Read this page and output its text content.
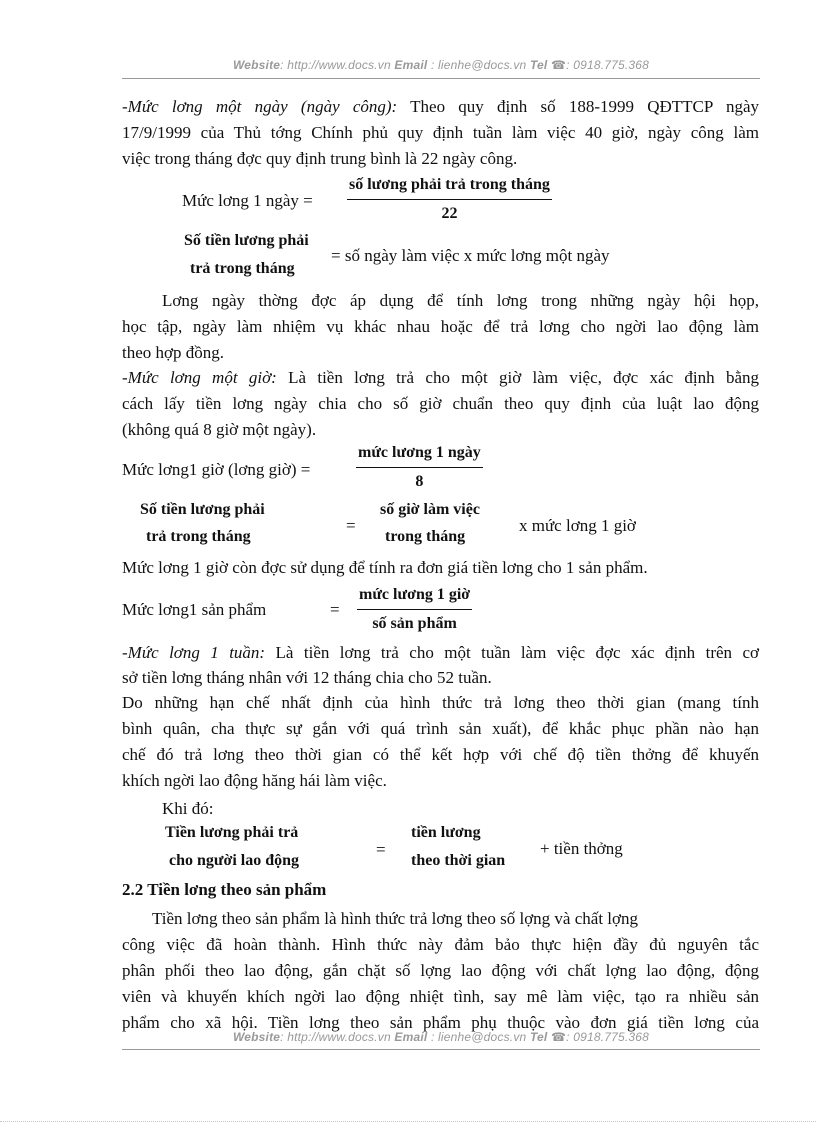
Website: http://www.docs.vn Email : lienhe@docs.vn Tel ☎: 0918.775.368
-Mức lơng một ngày (ngày công): Theo quy định số 188-1999 QĐTTCP ngày
17/9/1999 của Thủ tớng Chính phủ quy định tuần làm việc 40 giờ, ngày công làm
việc trong tháng đợc quy định trung bình là 22 ngày công.
Mức lơng 1 ngày =
số lương phải trả trong tháng
22
Số tiền lương phải
trả trong tháng
= số ngày làm việc x mức lơng một ngày
Lơng ngày thờng đợc áp dụng để tính lơng trong những ngày hội họp,
học tập, ngày làm nhiệm vụ khác nhau hoặc để trả lơng cho ngời lao động làm
theo hợp đồng.
-Mức lơng một giờ: Là tiền lơng trả cho một giờ làm việc, đợc xác định bằng
cách lấy tiền lơng ngày chia cho số giờ chuẩn theo quy định của luật lao động
(không quá 8 giờ một ngày).
Mức lơng1 giờ (lơng giờ) =
mức lương 1 ngày
8
Số tiền lương phải
trả trong tháng
=
số giờ làm việc
trong tháng
x mức lơng 1 giờ
Mức lơng 1 giờ còn đợc sử dụng để tính ra đơn giá tiền lơng cho 1 sản phẩm.
Mức lơng1 sản phẩm	=
mức lương 1 giờ
số sản phẩm
-Mức lơng 1 tuần: Là tiền lơng trả cho một tuần làm việc đợc xác định trên cơ
sở tiền lơng tháng nhân với 12 tháng chia cho 52 tuần.
Do những hạn chế nhất định của hình thức trả lơng theo thời gian (mang tính
bình quân, cha thực sự gắn với quá trình sản xuất), để khắc phục phần nào hạn
chế đó trả lơng theo thời gian có thể kết hợp với chế độ tiền thởng để khuyến
khích ngời lao động hăng hái làm việc.
Khi đó:
Tiền lương phải trả
cho người lao động
=
tiền lương
theo thời gian
+ tiền thởng
2.2 Tiền lơng theo sản phẩm
Tiền lơng theo sản phẩm là hình thức trả lơng theo số lợng và chất lợng
công việc đã hoàn thành. Hình thức này đảm bảo thực hiện đầy đủ nguyên tắc
phân phối theo lao động, gắn chặt số lợng lao động với chất lợng lao động, động
viên và khuyến khích ngời lao động nhiệt tình, say mê làm việc, tạo ra nhiều sản
phẩm cho xã hội. Tiền lơng theo sản phẩm phụ thuộc vào đơn giá tiền lơng của
Website: http://www.docs.vn Email : lienhe@docs.vn Tel ☎: 0918.775.368
